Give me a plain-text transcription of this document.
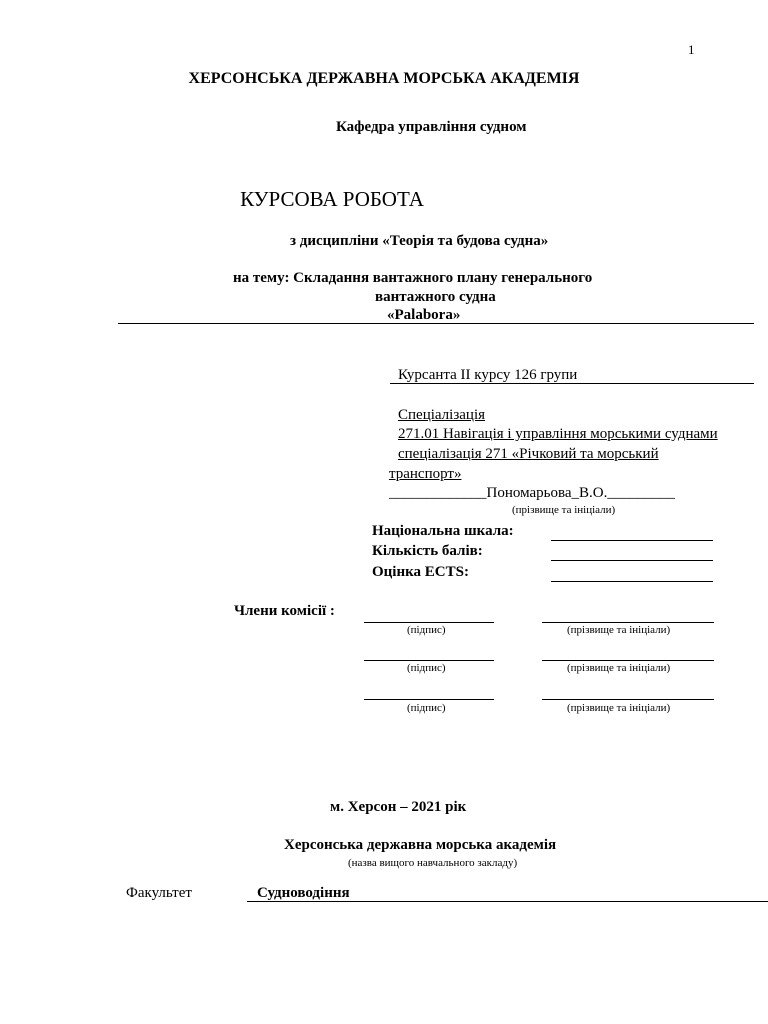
1
ХЕРСОНСЬКА ДЕРЖАВНА МОРСЬКА АКАДЕМІЯ
Кафедра управління судном
КУРСОВА РОБОТА
з дисципліни «Теорія та будова судна»
на тему: Складання вантажного плану генерального
вантажного судна
«Palabora»
Курсанта II курсу 126 групи
Спеціалізація
271.01 Навігація і управління морськими суднами
спеціалізація 271 «Річковий та морський
транспорт»
_____________Пономарьова_В.О._________
(прізвище та ініціали)
Національна шкала:
Кількість балів:
Оцінка ECTS:
Члени комісії :
(підпис)	(прізвище та ініціали)
(підпис)	(прізвище та ініціали)
(підпис)	(прізвище та ініціали)
м. Херсон – 2021 рік
Херсонська державна морська академія
(назва вищого навчального закладу)
Факультет	Судноводіння
